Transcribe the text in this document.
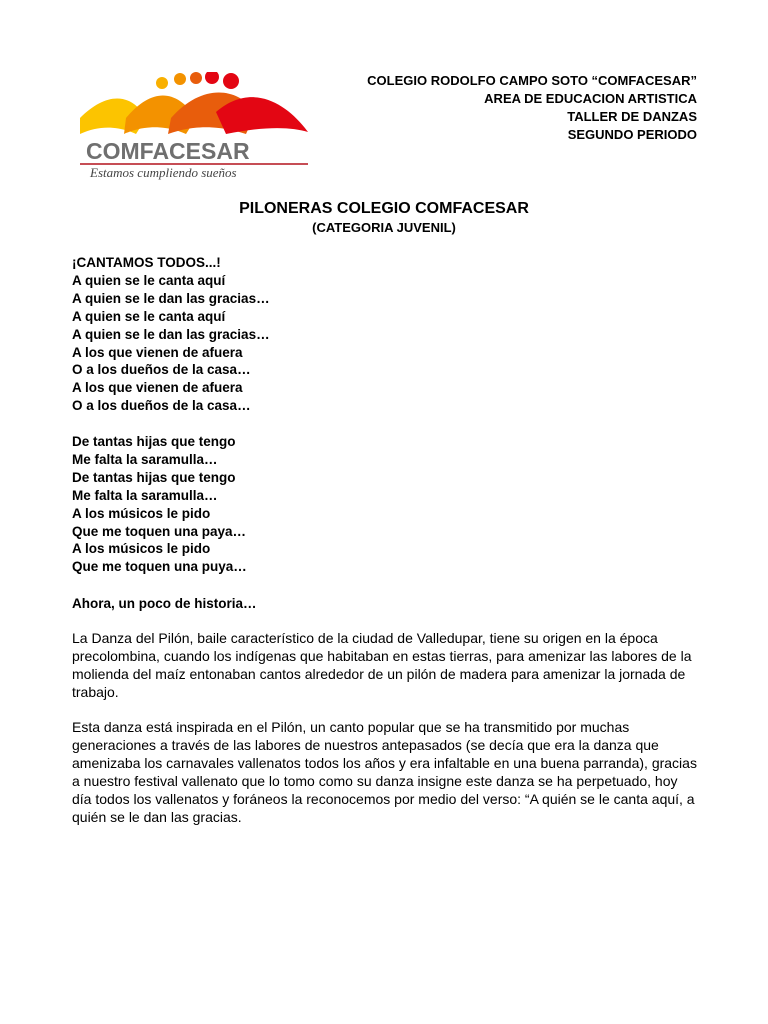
COMFACESAR
Estamos cumpliendo sueños
COLEGIO RODOLFO CAMPO SOTO “COMFACESAR”
AREA DE EDUCACION ARTISTICA
TALLER DE DANZAS
SEGUNDO PERIODO
PILONERAS COLEGIO COMFACESAR
(CATEGORIA JUVENIL)
¡CANTAMOS TODOS...!
A quien se le canta aquí
A quien se le dan las gracias…
A quien se le canta aquí
A quien se le dan las gracias…
A los que vienen de afuera
O a los dueños de la casa…
A los que vienen de afuera
O a los dueños de la casa…
De tantas hijas que tengo
Me falta la saramulla…
De tantas hijas que tengo
Me falta la saramulla…
A los músicos le pido
Que me toquen una paya…
A los músicos le pido
Que me toquen una puya…
Ahora, un poco de historia…
La Danza del Pilón, baile característico de la ciudad de Valledupar, tiene su origen en la época precolombina, cuando los indígenas que habitaban en estas tierras, para amenizar las labores de la molienda del maíz entonaban cantos alrededor de un pilón de madera para amenizar la jornada de trabajo.
Esta danza está inspirada en el Pilón, un canto popular que se ha transmitido por muchas generaciones a través de las labores de nuestros antepasados (se decía que era la danza que amenizaba los carnavales vallenatos todos los años y era infaltable en una buena parranda), gracias a nuestro festival vallenato que lo tomo como su danza insigne este danza se ha perpetuado, hoy día todos los vallenatos y foráneos la reconocemos por medio del verso: “A quién se le canta aquí, a quién se le dan las gracias.
